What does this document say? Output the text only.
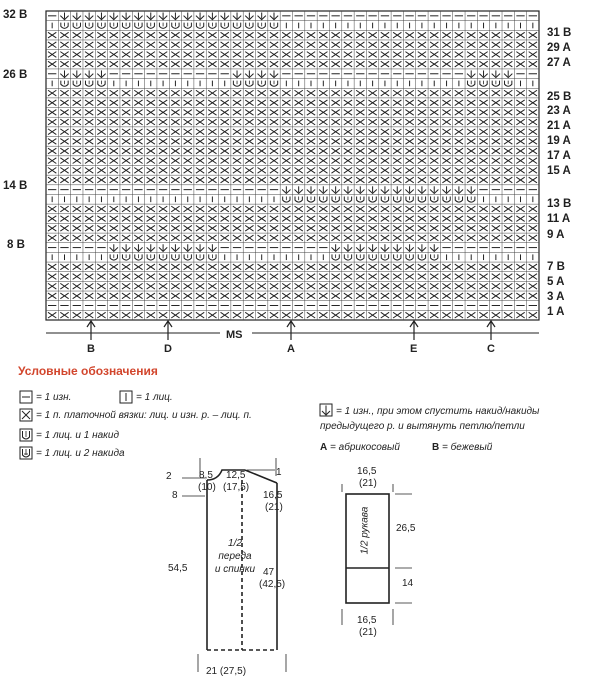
32 B
26 B
14 B
8 B
31 B
29 A
27 A
25 B
23 A
21 A
19 A
17 A
15 A
13 B
11 A
9 A
7 B
5 A
3 A
1 A
B	D
MS
A	E	C
Условные обозначения
= 1 изн.	= 1 лиц.
= 1 п. платочной вязки: лиц. и изн. р. – лиц. п.
= 1 лиц. и 1 накид
= 1 лиц. и 2 накида
= 1 изн., при этом спустить накид/накиды
предыдущего р. и вытянуть петлю/петли
A = абрикосовый	B = бежевый
8,5
(10)
12,5
(17,5)
2
8
1
16,5
(21)
54,5	47
(42,5)
21 (27,5)
1/2
переда
и спинки
16,5
(21)
26,5
14
16,5
(21)
1/2 рукава
